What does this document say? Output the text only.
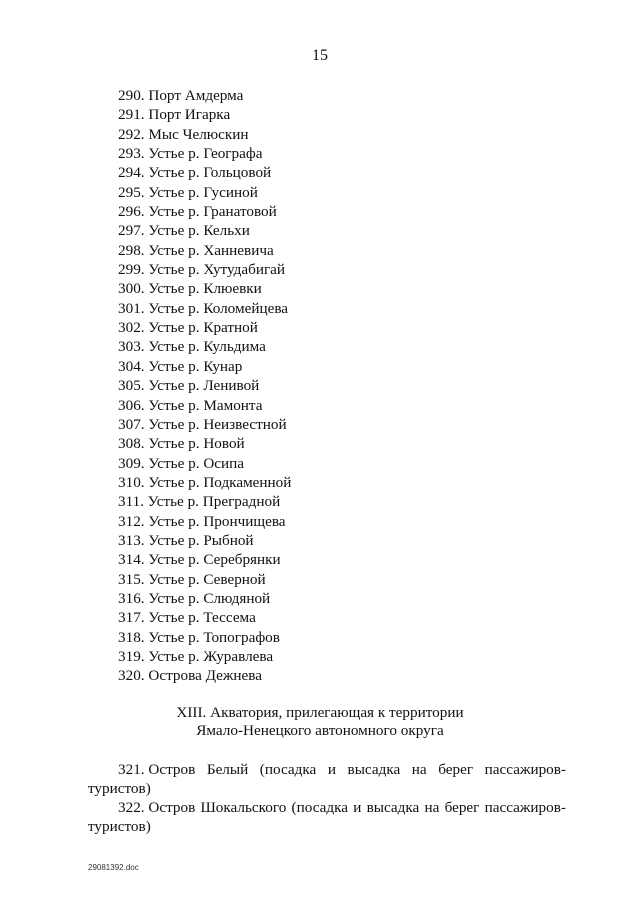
15
290. Порт Амдерма
291. Порт Игарка
292. Мыс Челюскин
293. Устье р. Географа
294. Устье р. Гольцовой
295. Устье р. Гусиной
296. Устье р. Гранатовой
297. Устье р. Кельхи
298. Устье р. Ханневича
299. Устье р. Хутудабигай
300. Устье р. Клюевки
301. Устье р. Коломейцева
302. Устье р. Кратной
303. Устье р. Кульдима
304. Устье р. Кунар
305. Устье р. Ленивой
306. Устье р. Мамонта
307. Устье р. Неизвестной
308. Устье р. Новой
309. Устье р. Осипа
310. Устье р. Подкаменной
311. Устье р. Преградной
312. Устье р. Прончищева
313. Устье р. Рыбной
314. Устье р. Серебрянки
315. Устье р. Северной
316. Устье р. Слюдяной
317. Устье р. Тессема
318. Устье р. Топографов
319. Устье р. Журавлева
320. Острова Дежнева
XIII. Акватория, прилегающая к территории
Ямало-Ненецкого автономного округа
321. Остров Белый (посадка и высадка на берег пассажиров-
туристов)
322. Остров Шокальского (посадка и высадка на берег пассажиров-
туристов)
29081392.doc
